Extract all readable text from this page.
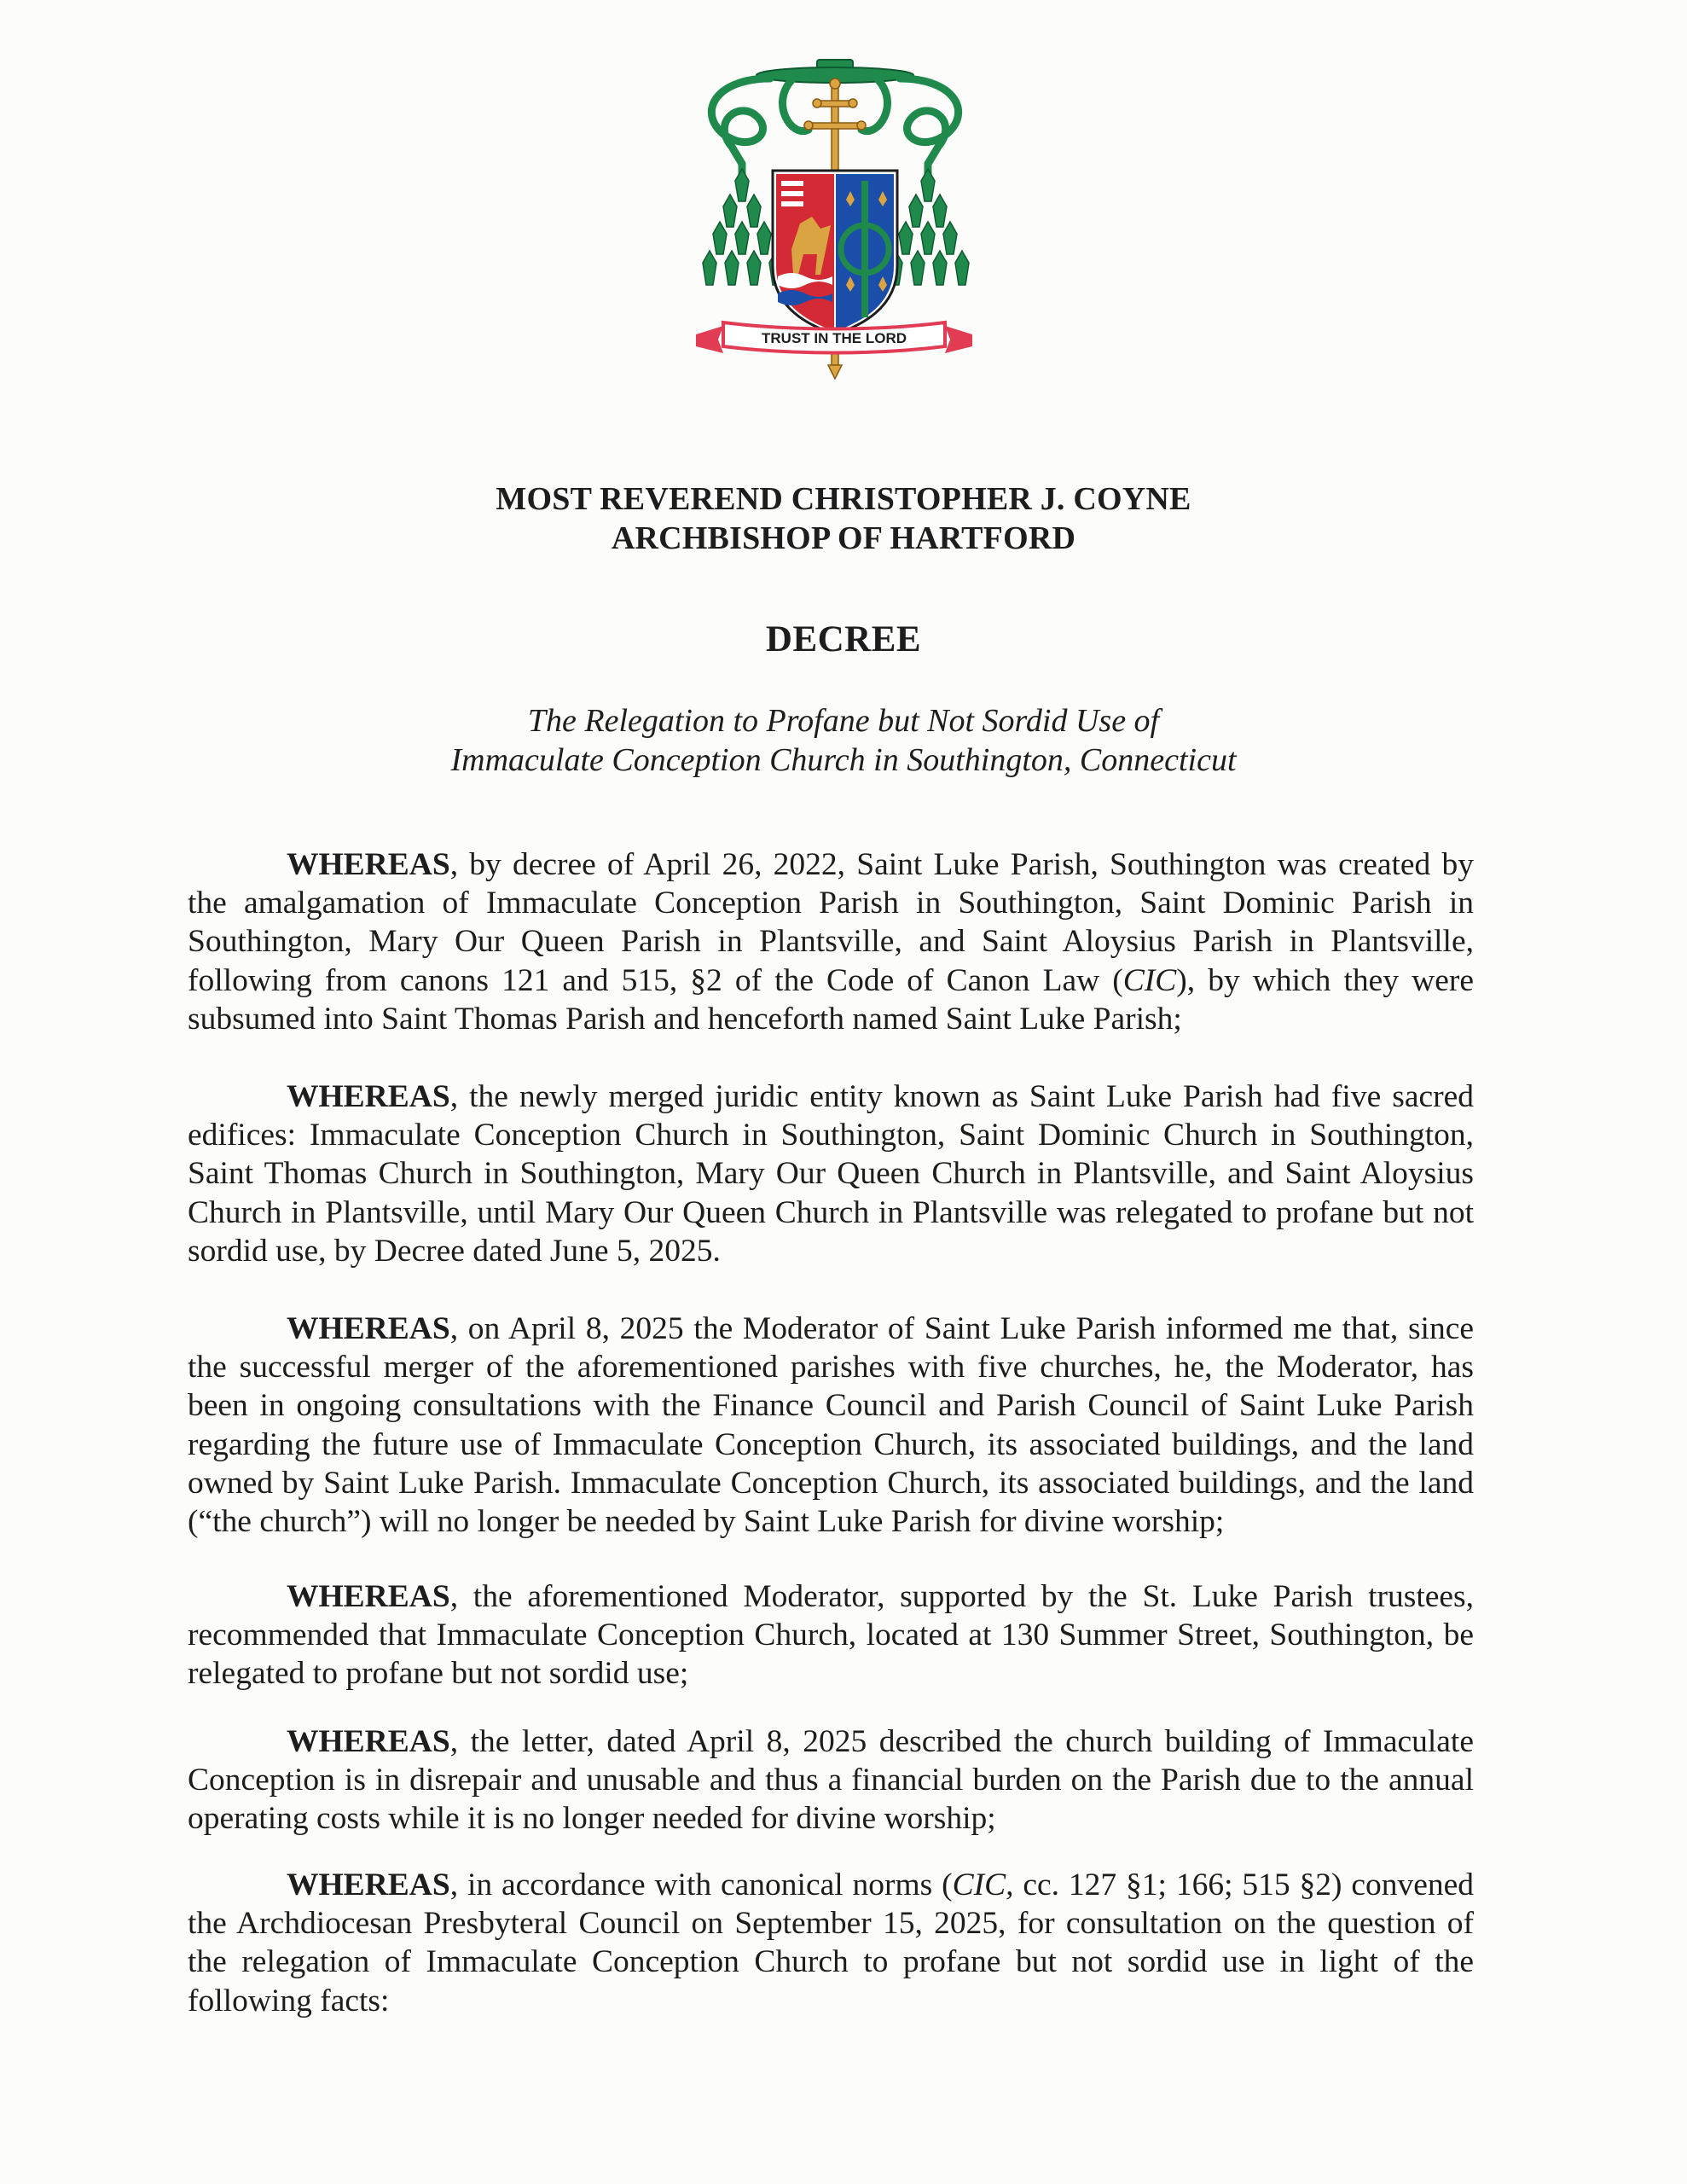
TRUST IN THE LORD
MOST REVEREND CHRISTOPHER J. COYNE
ARCHBISHOP OF HARTFORD
DECREE
The Relegation to Profane but Not Sordid Use of
Immaculate Conception Church in Southington, Connecticut

WHEREAS, by decree of April 26, 2022, Saint Luke Parish, Southington was created by the amalgamation of Immaculate Conception Parish in Southington, Saint Dominic Parish in Southington, Mary Our Queen Parish in Plantsville, and Saint Aloysius Parish in Plantsville, following from canons 121 and 515, §2 of the Code of Canon Law (CIC), by which they were subsumed into Saint Thomas Parish and henceforth named Saint Luke Parish;

WHEREAS, the newly merged juridic entity known as Saint Luke Parish had five sacred edifices: Immaculate Conception Church in Southington, Saint Dominic Church in Southington, Saint Thomas Church in Southington, Mary Our Queen Church in Plantsville, and Saint Aloysius Church in Plantsville, until Mary Our Queen Church in Plantsville was relegated to profane but not sordid use, by Decree dated June 5, 2025.

WHEREAS, on April 8, 2025 the Moderator of Saint Luke Parish informed me that, since the successful merger of the aforementioned parishes with five churches, he, the Moderator, has been in ongoing consultations with the Finance Council and Parish Council of Saint Luke Parish regarding the future use of Immaculate Conception Church, its associated buildings, and the land owned by Saint Luke Parish. Immaculate Conception Church, its associated buildings, and the land (“the church”) will no longer be needed by Saint Luke Parish for divine worship;

WHEREAS, the aforementioned Moderator, supported by the St. Luke Parish trustees, recommended that Immaculate Conception Church, located at 130 Summer Street, Southington, be relegated to profane but not sordid use;

WHEREAS, the letter, dated April 8, 2025 described the church building of Immaculate Conception is in disrepair and unusable and thus a financial burden on the Parish due to the annual operating costs while it is no longer needed for divine worship;

WHEREAS, in accordance with canonical norms (CIC, cc. 127 §1; 166; 515 §2) convened the Archdiocesan Presbyteral Council on September 15, 2025, for consultation on the question of the relegation of Immaculate Conception Church to profane but not sordid use in light of the following facts:
